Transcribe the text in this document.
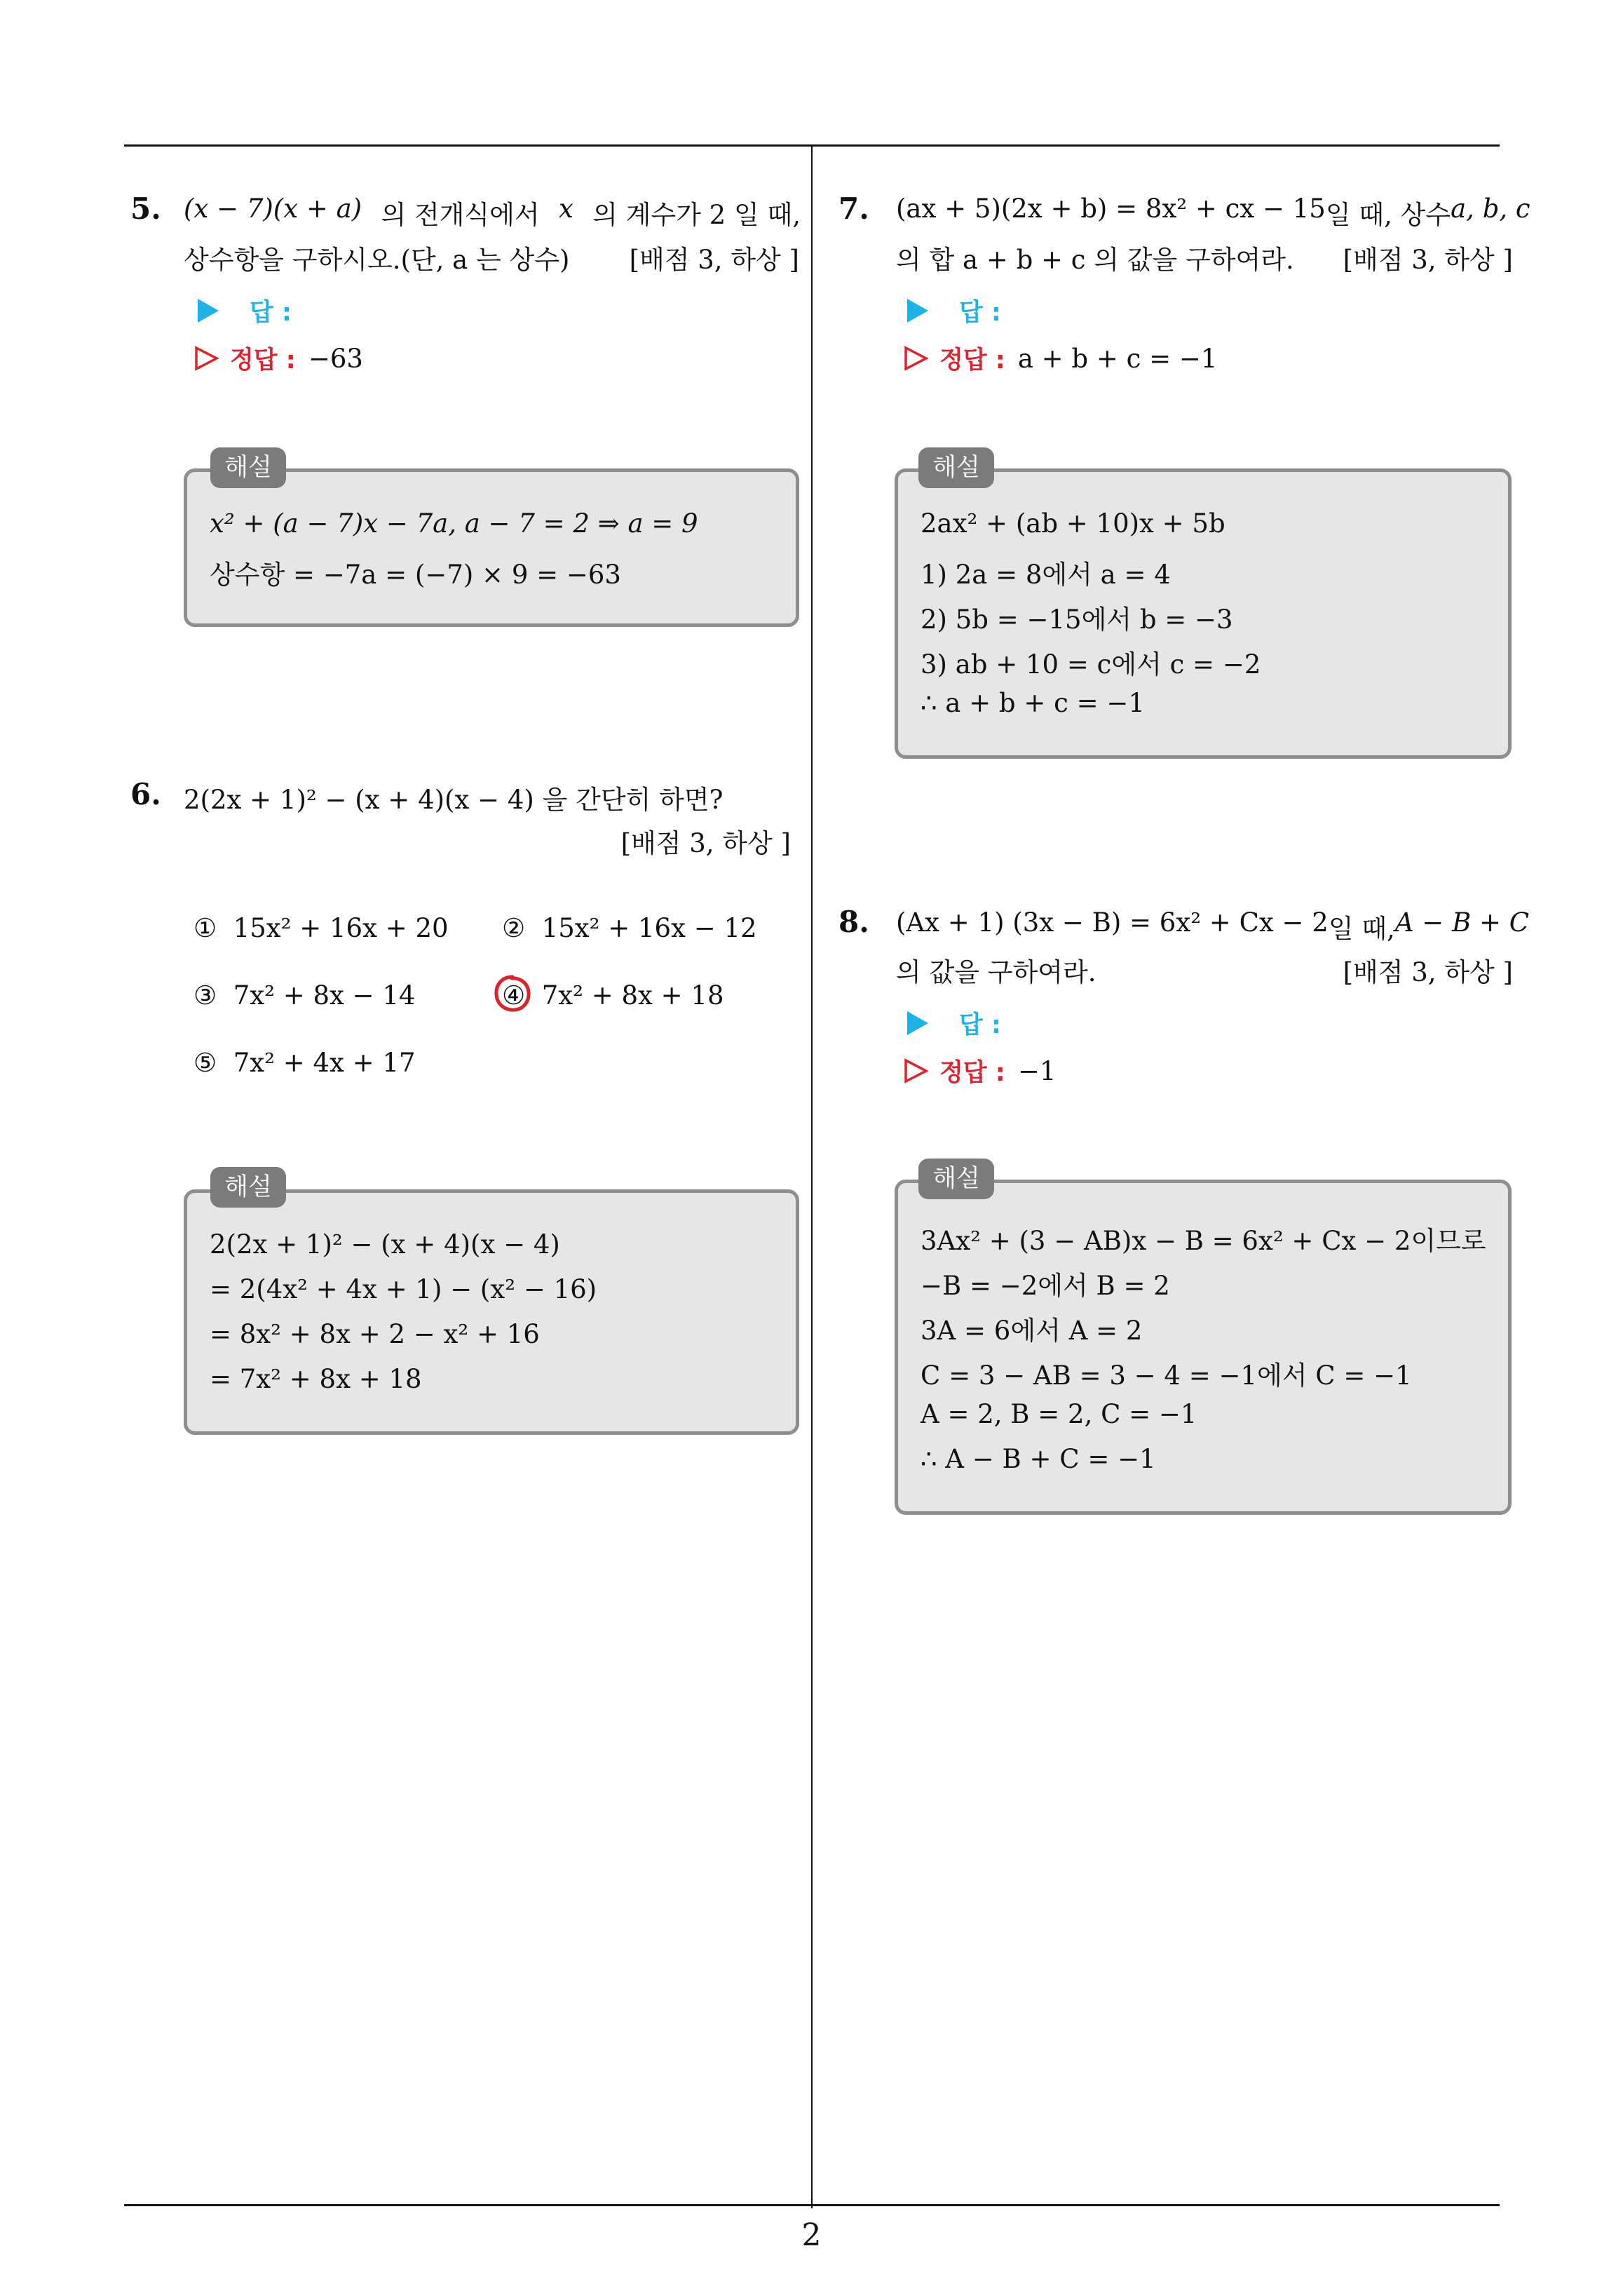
2
5. (x − 7)(x + a) 의 전개식에서 x 의 계수가 2 일 때,
상수항을 구하시오.(단, a 는 상수)	[배점 3, 하상 ]
답 :
정답 : −63
x² + (a − 7)x − 7a, a − 7 = 2 ⇒ a = 9
상수항 = −7a = (−7) × 9 = −63
해설
6. 2(2x + 1)² − (x + 4)(x − 4) 을 간단히 하면?
[배점 3, 하상 ]
① 15x² + 16x + 20 ② 15x² + 16x − 12
③ 7x² + 8x − 14	④ 7x² + 8x + 18
⑤ 7x² + 4x + 17
2(2x + 1)² − (x + 4)(x − 4)
= 2(4x² + 4x + 1) − (x² − 16)
= 8x² + 8x + 2 − x² + 16
= 7x² + 8x + 18
해설
7. (ax + 5)(2x + b) = 8x² + cx − 15 일 때, 상수 a, b, c
의 합 a + b + c 의 값을 구하여라.	[배점 3, 하상 ]
답 :
정답 : a + b + c = −1
2ax² + (ab + 10)x + 5b
1) 2a = 8에서 a = 4
2) 5b = −15에서 b = −3
3) ab + 10 = c에서 c = −2
∴ a + b + c = −1
해설
8. (Ax + 1) (3x − B) = 6x² + Cx − 2 일 때, A − B + C
의 값을 구하여라.	[배점 3, 하상 ]
답 :
정답 : −1
3Ax² + (3 − AB)x − B = 6x² + Cx − 2이므로
−B = −2에서 B = 2
3A = 6에서 A = 2
C = 3 − AB = 3 − 4 = −1에서 C = −1
A = 2, B = 2, C = −1
∴ A − B + C = −1
해설
